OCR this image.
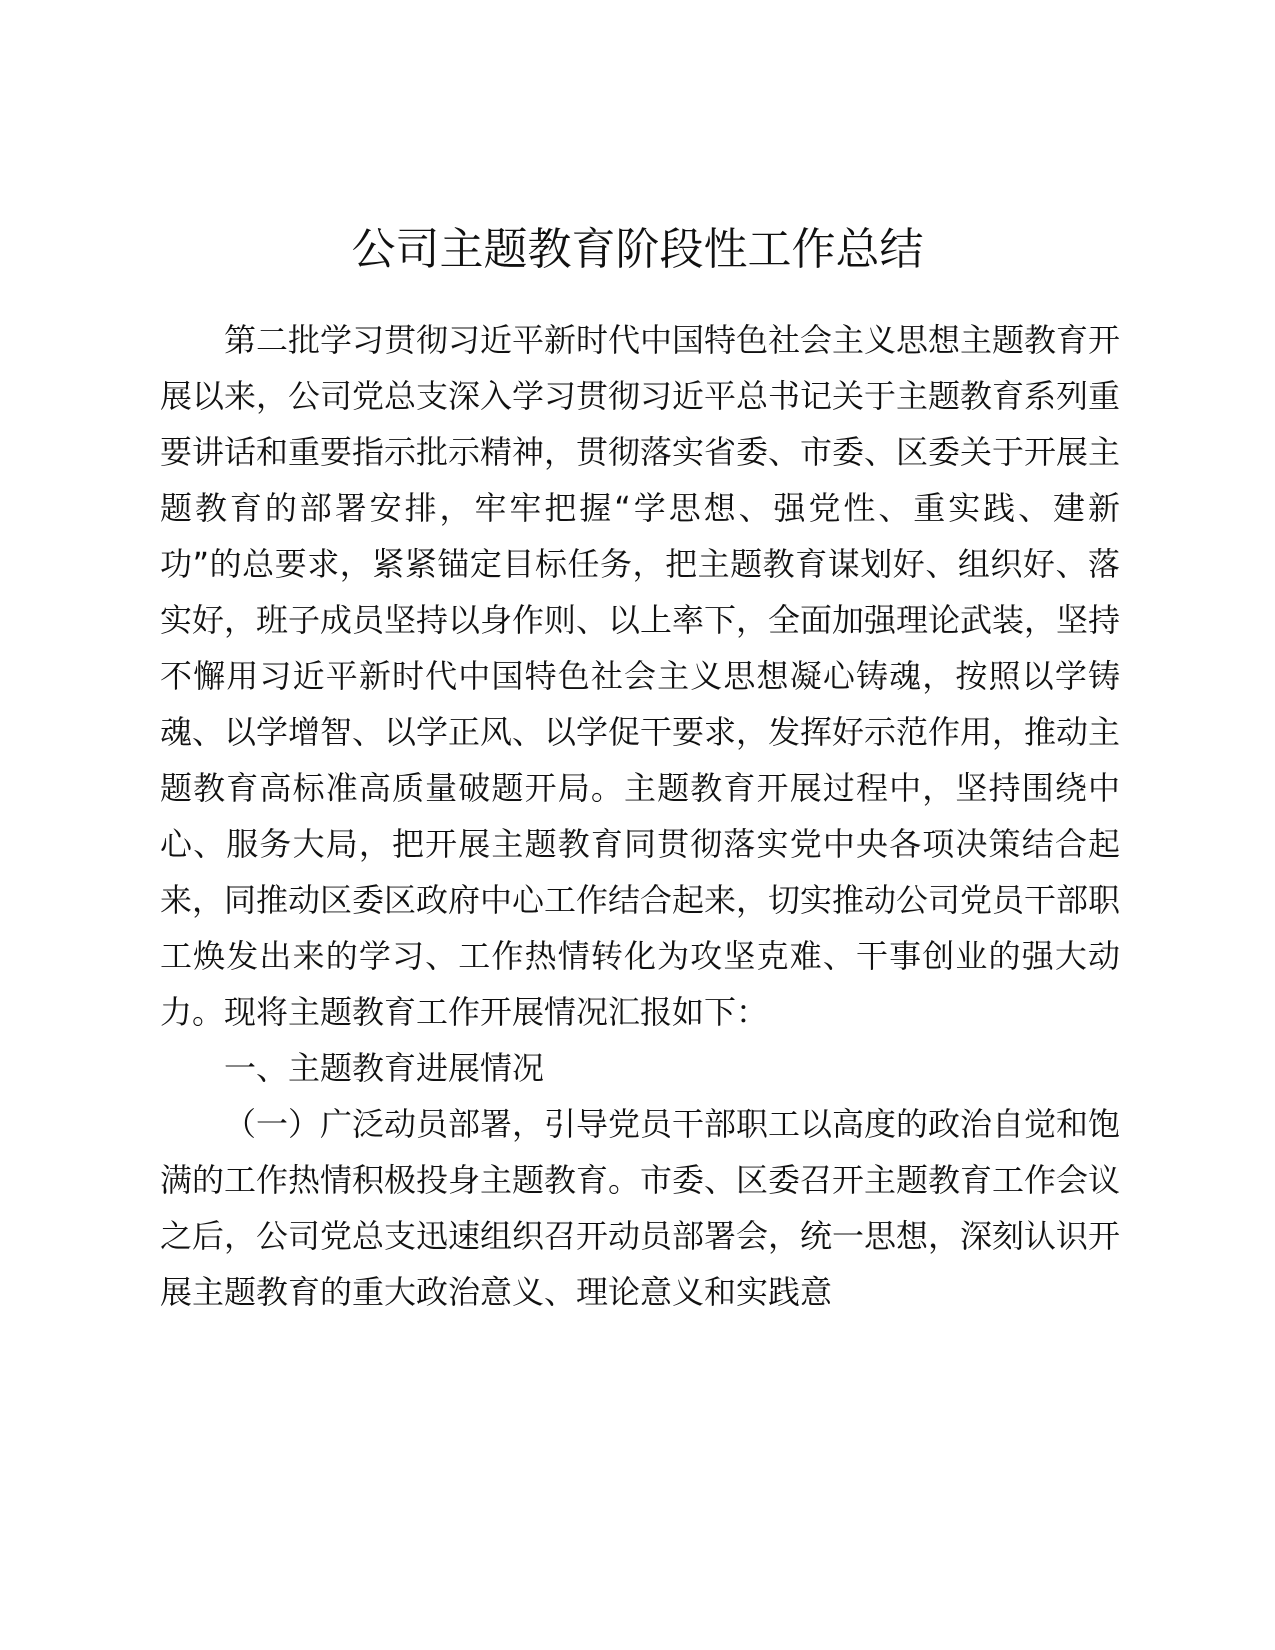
公司主题教育阶段性工作总结

第二批学习贯彻习近平新时代中国特色社会主义思想主题教育开展以来，公司党总支深入学习贯彻习近平总书记关于主题教育系列重要讲话和重要指示批示精神，贯彻落实省委、市委、区委关于开展主题教育的部署安排，牢牢把握“学思想、强党性、重实践、建新功”的总要求，紧紧锚定目标任务，把主题教育谋划好、组织好、落实好，班子成员坚持以身作则、以上率下，全面加强理论武装，坚持不懈用习近平新时代中国特色社会主义思想凝心铸魂，按照以学铸魂、以学增智、以学正风、以学促干要求，发挥好示范作用，推动主题教育高标准高质量破题开局。主题教育开展过程中，坚持围绕中心、服务大局，把开展主题教育同贯彻落实党中央各项决策结合起来，同推动区委区政府中心工作结合起来，切实推动公司党员干部职工焕发出来的学习、工作热情转化为攻坚克难、干事创业的强大动力。现将主题教育工作开展情况汇报如下：

一、主题教育进展情况

（一）广泛动员部署，引导党员干部职工以高度的政治自觉和饱满的工作热情积极投身主题教育。市委、区委召开主题教育工作会议之后，公司党总支迅速组织召开动员部署会，统一思想，深刻认识开展主题教育的重大政治意义、理论意义和实践意
